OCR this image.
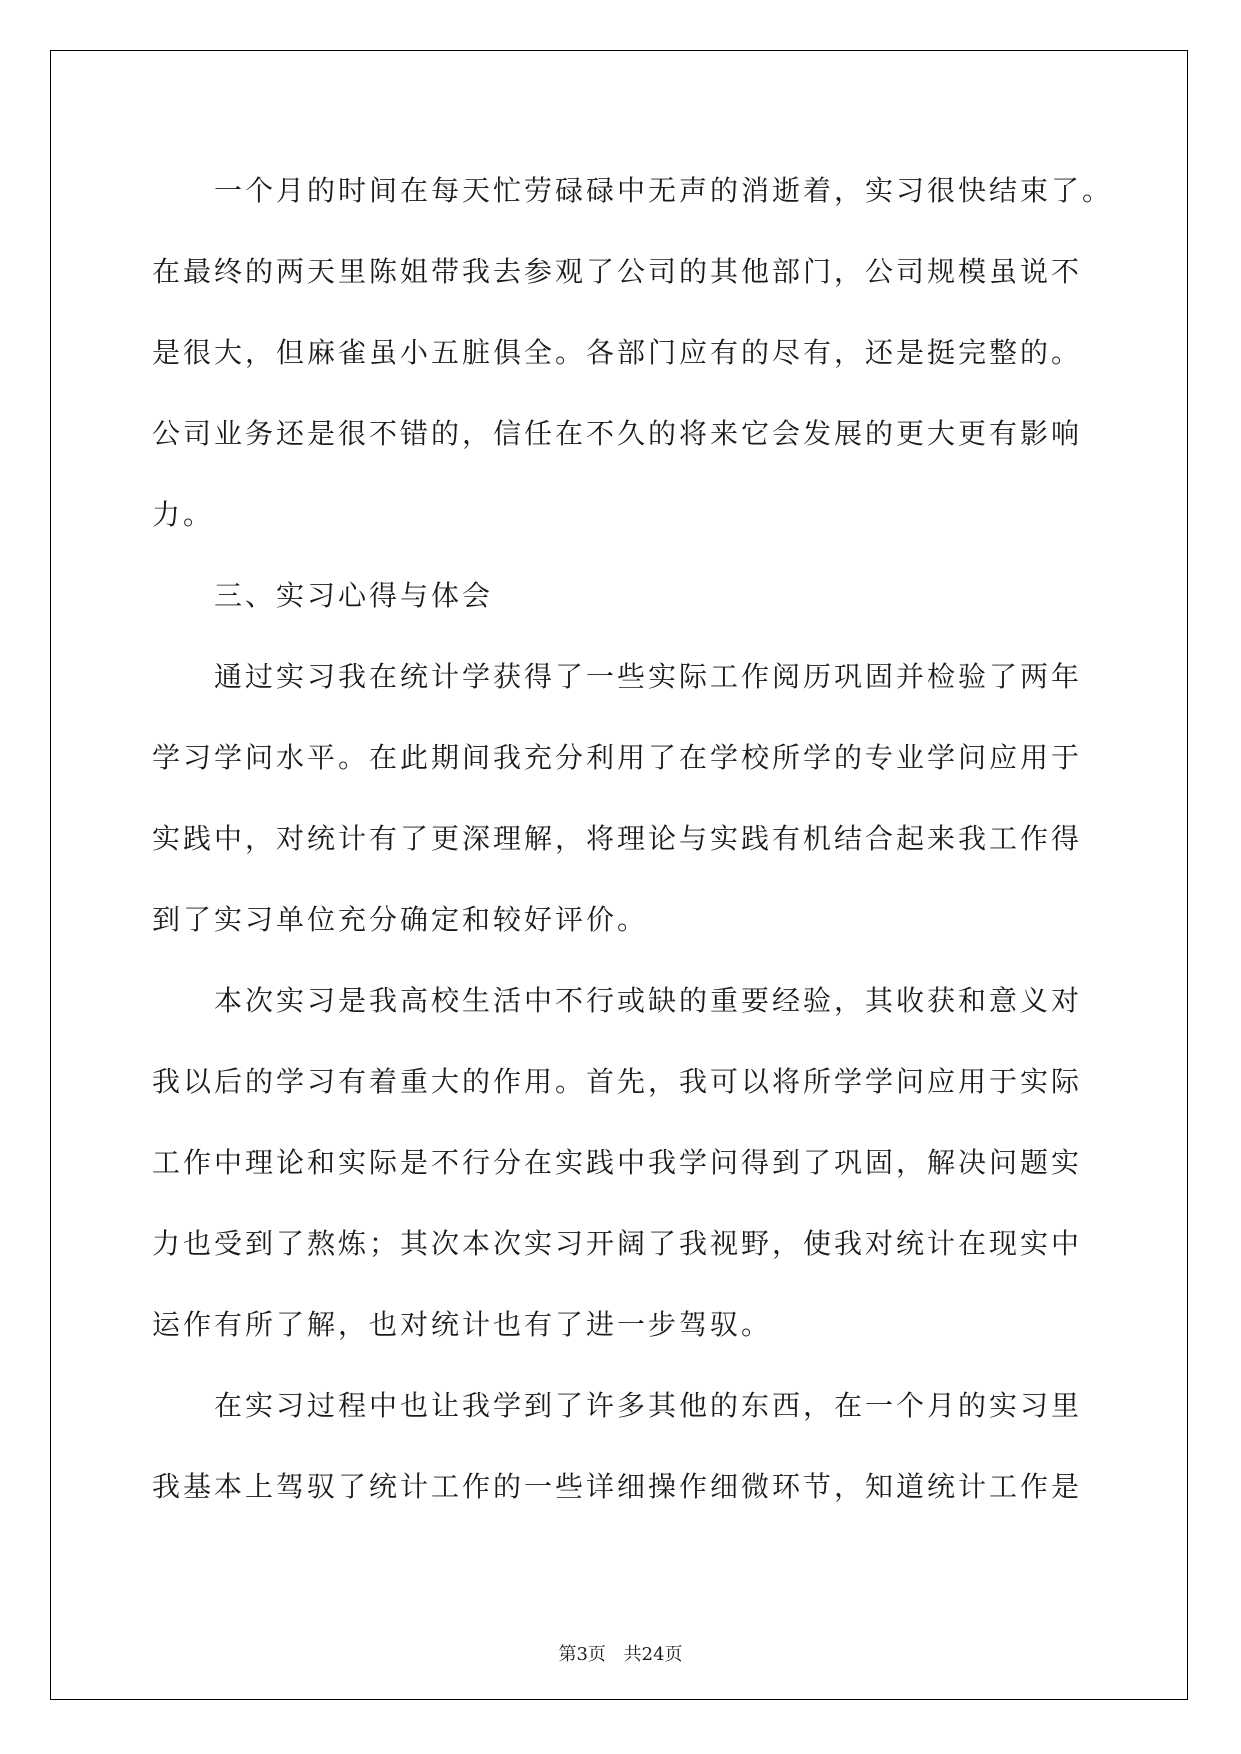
一个月的时间在每天忙劳碌碌中无声的消逝着，实习很快结束了。
在最终的两天里陈姐带我去参观了公司的其他部门，公司规模虽说不
是很大，但麻雀虽小五脏俱全。各部门应有的尽有，还是挺完整的。
公司业务还是很不错的，信任在不久的将来它会发展的更大更有影响
力。
三、实习心得与体会
通过实习我在统计学获得了一些实际工作阅历巩固并检验了两年
学习学问水平。在此期间我充分利用了在学校所学的专业学问应用于
实践中，对统计有了更深理解，将理论与实践有机结合起来我工作得
到了实习单位充分确定和较好评价。
本次实习是我高校生活中不行或缺的重要经验，其收获和意义对
我以后的学习有着重大的作用。首先，我可以将所学学问应用于实际
工作中理论和实际是不行分在实践中我学问得到了巩固，解决问题实
力也受到了熬炼；其次本次实习开阔了我视野，使我对统计在现实中
运作有所了解，也对统计也有了进一步驾驭。
在实习过程中也让我学到了许多其他的东西，在一个月的实习里
我基本上驾驭了统计工作的一些详细操作细微环节，知道统计工作是
第3页 共24页
